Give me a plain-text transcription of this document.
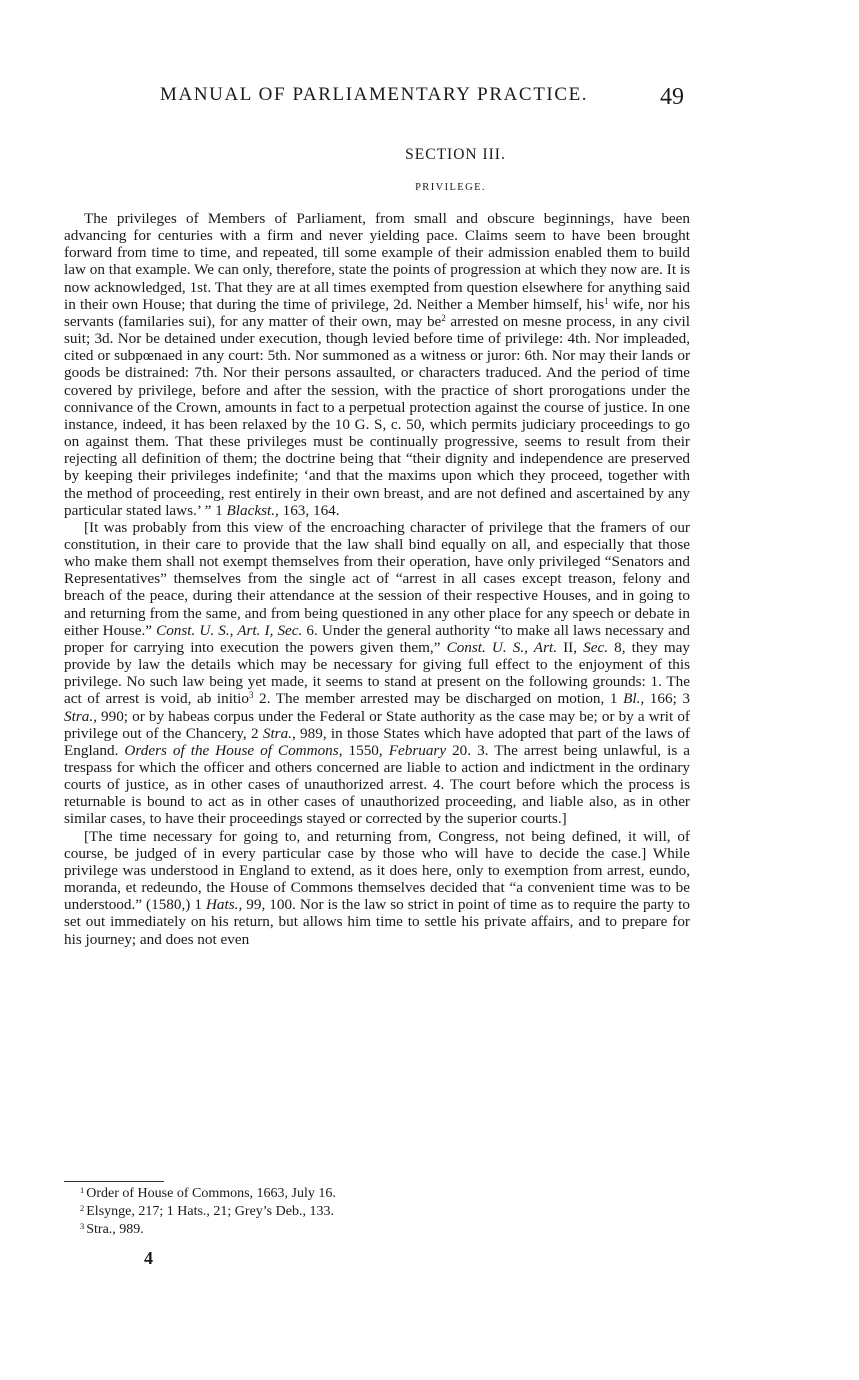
MANUAL OF PARLIAMENTARY PRACTICE.	49
SECTION III.
PRIVILEGE.

The privileges of Members of Parliament, from small and obscure beginnings, have been advancing for centuries with a firm and never yielding pace. Claims seem to have been brought forward from time to time, and repeated, till some example of their admission enabled them to build law on that example. We can only, therefore, state the points of progression at which they now are. It is now acknowledged, 1st. That they are at all times exempted from question elsewhere for anything said in their own House; that during the time of privilege, 2d. Neither a Member himself, his$^1$ wife, nor his servants (familaries sui), for any matter of their own, may $be^2$ arrested on mesne process, in any civil suit; 3d. Nor be detained under execution, though levied before time of privilege: 4th. Nor impleaded, cited or subpœnaed in any court: 5th. Nor summoned as a witness or juror: 6th. Nor may their lands or goods be distrained: 7th. Nor their persons assaulted, or characters traduced. And the period of time covered by privilege, before and after the session, with the practice of short prorogations under the connivance of the Crown, amounts in fact to a perpetual protection against the course of justice. In one instance, indeed, it has been relaxed by the 10 G. S, c. 50, which permits judiciary proceedings to go on against them. That these privileges must be continually progressive, seems to result from their rejecting all definition of them; the doctrine being that “their dignity and independence are preserved by keeping their privileges indefinite; ‘and that the maxims upon which they proceed, together with the method of proceeding, rest entirely in their own breast, and are not defined and ascertained by any particular stated laws.’ ” 1 Blackst., 163, 164.

[It was probably from this view of the encroaching character of privilege that the framers of our constitution, in their care to provide that the law shall bind equally on all, and especially that those who make them shall not exempt themselves from their operation, have only privileged “Senators and Representatives” themselves from the single act of “arrest in all cases except treason, felony and breach of the peace, during their attendance at the session of their respective Houses, and in going to and returning from the same, and from being questioned in any other place for any speech or debate in either House.” Const. U. S., Art. I, Sec. 6. Under the general authority “to make all laws necessary and proper for carrying into execution the powers given them,” Const. U. S., Art. II, Sec. 8, they may provide by law the details which may be necessary for giving full effect to the enjoyment of this privilege. No such law being yet made, it seems to stand at present on the following grounds: 1. The act of arrest is void, ab initio$^3$ 2. The member arrested may be discharged on motion, 1 Bl., 166; 3 Stra., 990; or by habeas corpus under the Federal or State authority as the case may be; or by a writ of privilege out of the Chancery, 2 Stra., 989, in those States which have adopted that part of the laws of England. Orders of the House of Commons, 1550, February 20. 3. The arrest being unlawful, is a trespass for which the officer and others concerned are liable to action and indictment in the ordinary courts of justice, as in other cases of unauthorized arrest. 4. The court before which the process is returnable is bound to act as in other cases of unauthorized proceeding, and liable also, as in other similar cases, to have their proceedings stayed or corrected by the superior courts.]

[The time necessary for going to, and returning from, Congress, not being defined, it will, of course, be judged of in every particular case by those who will have to decide the case.] While privilege was understood in England to extend, as it does here, only to exemption from arrest, eundo, moranda, et redeundo, the House of Commons themselves decided that “a convenient time was to be understood.” (1580,) 1 Hats., 99, 100. Nor is the law so strict in point of time as to require the party to set out immediately on his return, but allows him time to settle his private affairs, and to prepare for his journey; and does not even

$^1$ Order of House of Commons, 1663, July 16.
$^2$ Elsynge, 217; 1 Hats., 21; Grey’s Deb., 133.
$^3$ Stra., 989.
4
